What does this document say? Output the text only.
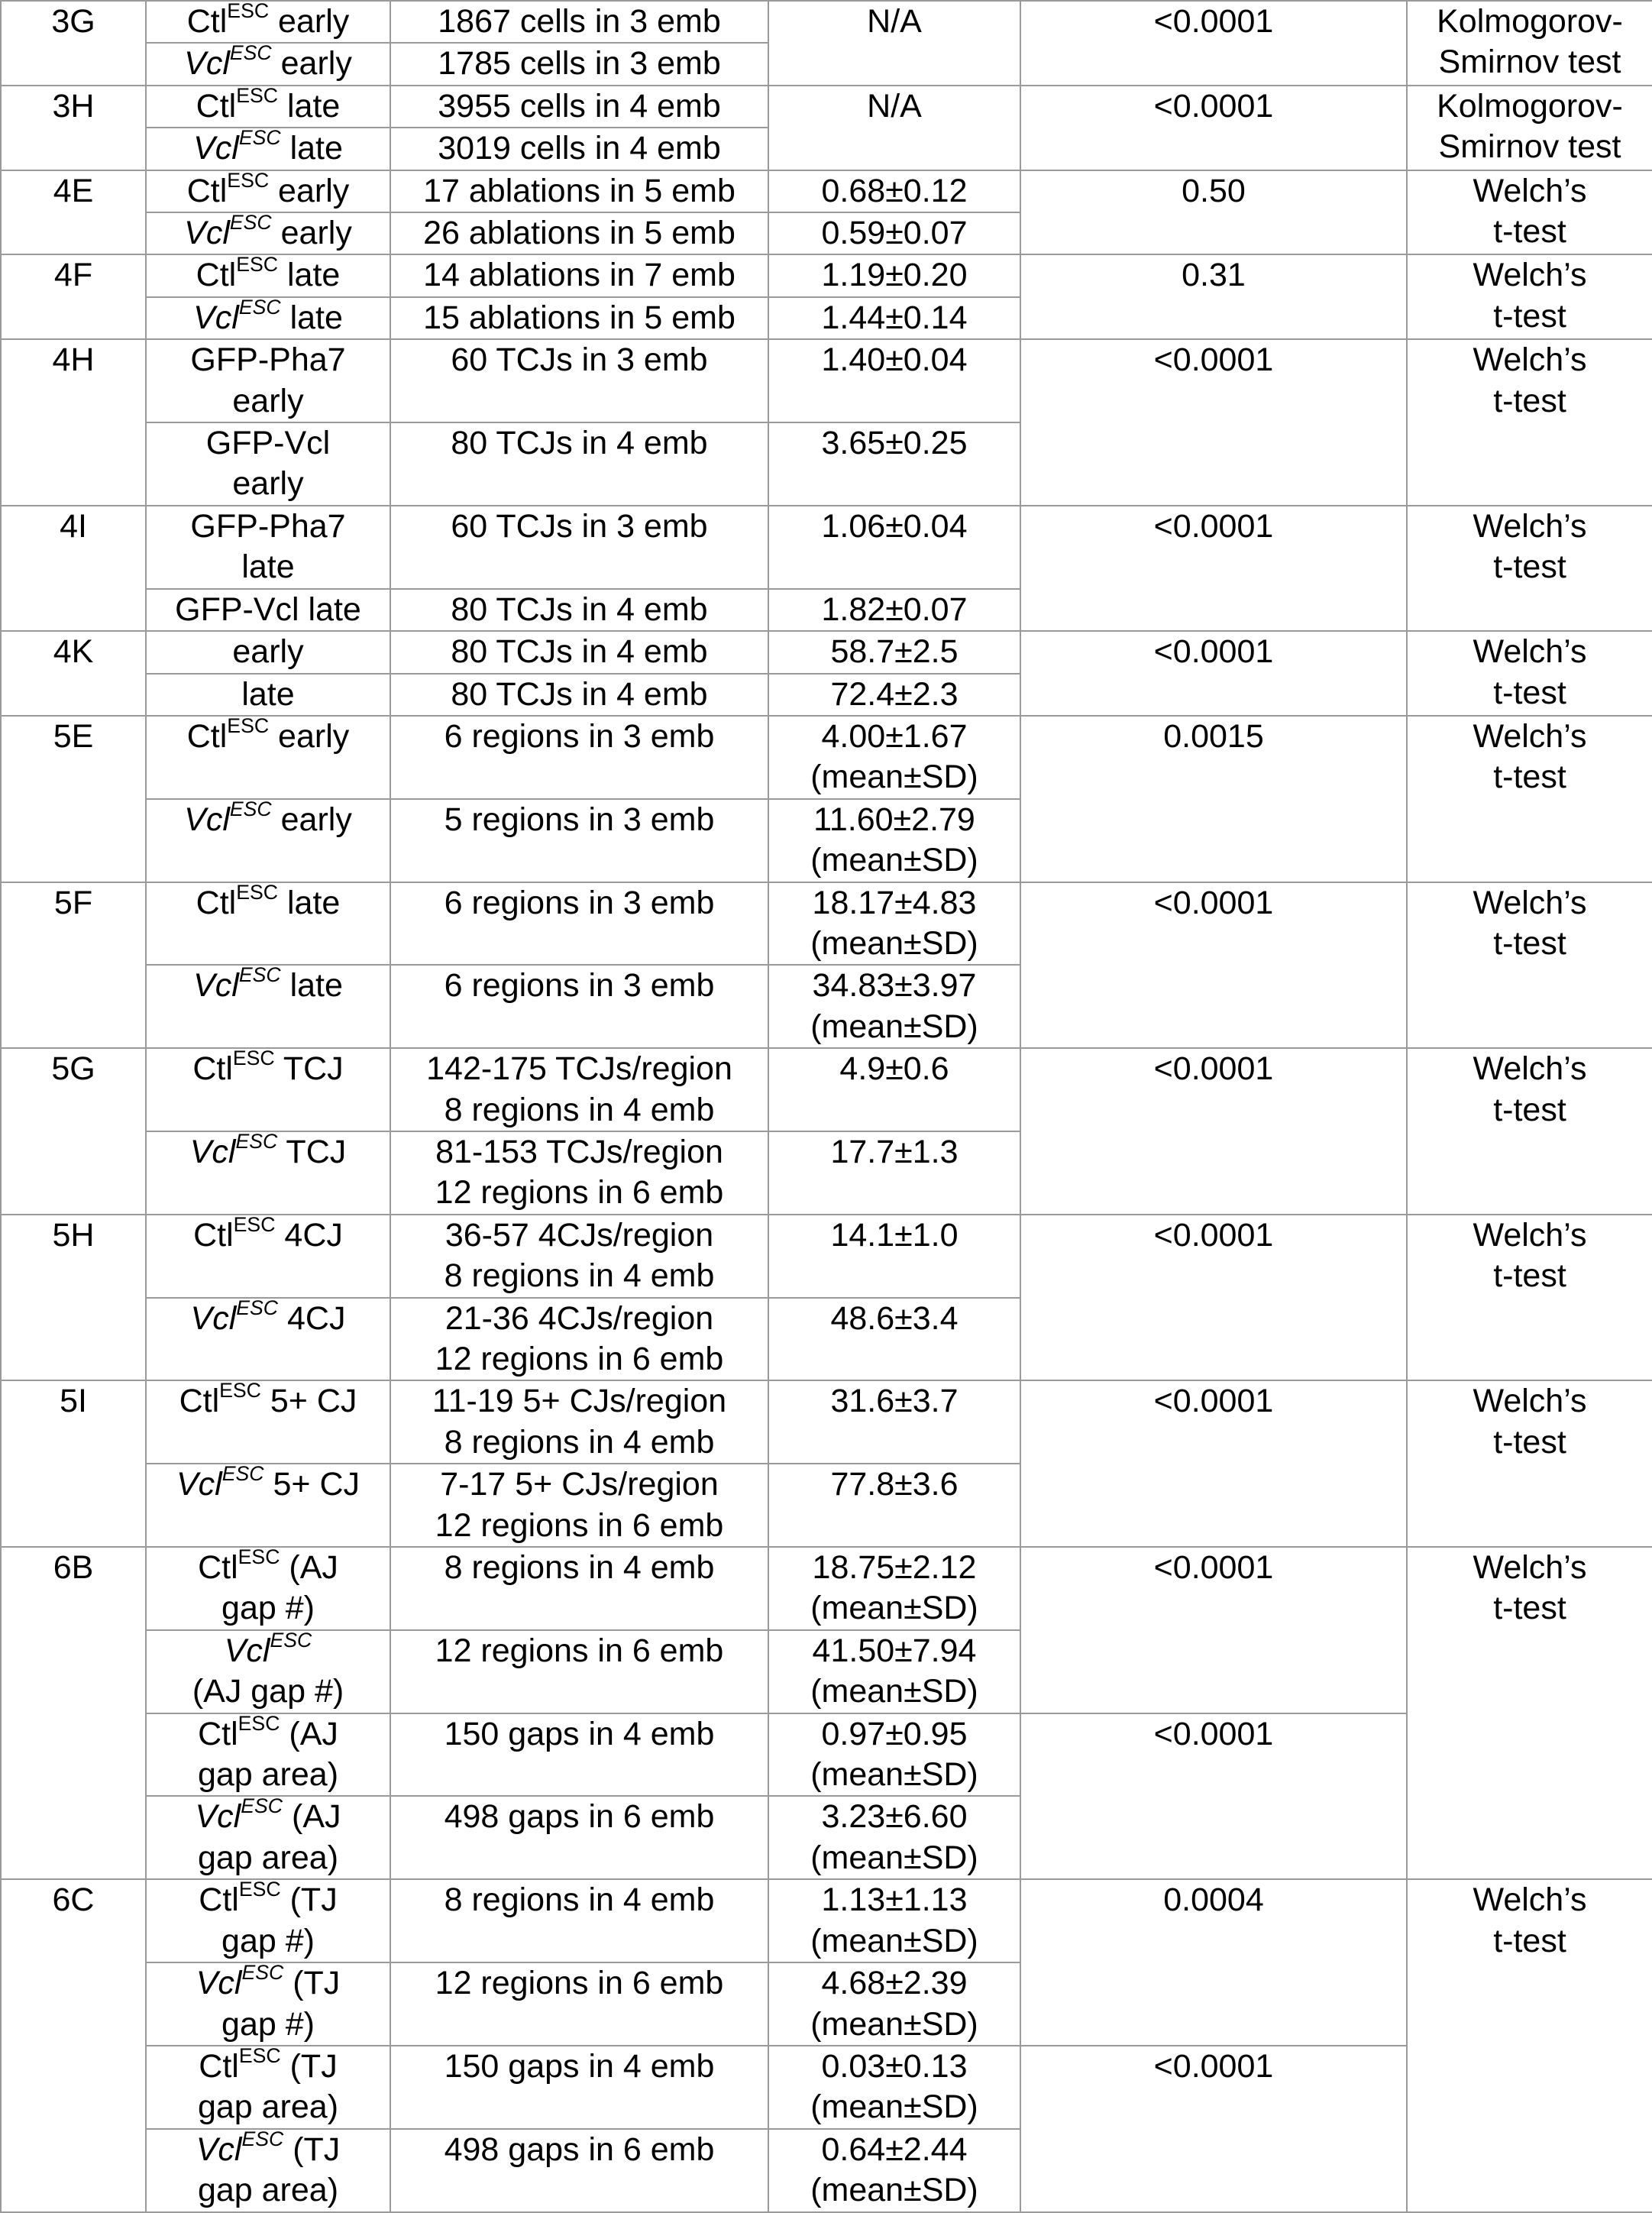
3G	Ctl$^{ESC}$ early	1867 cells in 3 emb	N/A	<0.0001	Kolmogorov-
Smirnov test

	Vcl$^{ESC}$ early	1785 cells in 3 emb			

3H	Ctl$^{ESC}$ late	3955 cells in 4 emb	N/A	<0.0001	Kolmogorov-
Smirnov test

	Vcl$^{ESC}$ late	3019 cells in 4 emb			

4E	Ctl$^{ESC}$ early	17 ablations in 5 emb	0.68±0.12	0.50	Welch’s
t-test

	Vcl$^{ESC}$ early	26 ablations in 5 emb	0.59±0.07		

4F	Ctl$^{ESC}$ late	14 ablations in 7 emb	1.19±0.20	0.31	Welch’s
t-test

	Vcl$^{ESC}$ late	15 ablations in 5 emb	1.44±0.14		

4H	GFP-Pha7
early	60 TCJs in 3 emb	1.40±0.04	<0.0001	Welch’s
t-test

	GFP-Vcl
early	80 TCJs in 4 emb	3.65±0.25		

4I	GFP-Pha7
late	60 TCJs in 3 emb	1.06±0.04	<0.0001	Welch’s
t-test

	GFP-Vcl late	80 TCJs in 4 emb	1.82±0.07		

4K	early	80 TCJs in 4 emb	58.7±2.5	<0.0001	Welch’s
t-test

	late	80 TCJs in 4 emb	72.4±2.3		

5E	Ctl$^{ESC}$ early	6 regions in 3 emb	4.00±1.67
(mean±SD)	0.0015	Welch’s
t-test

	Vcl$^{ESC}$ early	5 regions in 3 emb	11.60±2.79
(mean±SD)		

5F	Ctl$^{ESC}$ late	6 regions in 3 emb	18.17±4.83
(mean±SD)	<0.0001	Welch’s
t-test

	Vcl$^{ESC}$ late	6 regions in 3 emb	34.83±3.97
(mean±SD)		

5G	Ctl$^{ESC}$ TCJ	142-175 TCJs/region
8 regions in 4 emb	4.9±0.6	<0.0001	Welch’s
t-test

	Vcl$^{ESC}$ TCJ	81-153 TCJs/region
12 regions in 6 emb	17.7±1.3		

5H	Ctl$^{ESC}$ 4CJ	36-57 4CJs/region
8 regions in 4 emb	14.1±1.0	<0.0001	Welch’s
t-test

	Vcl$^{ESC}$ 4CJ	21-36 4CJs/region
12 regions in 6 emb	48.6±3.4		

5I	Ctl$^{ESC}$ 5+ CJ	11-19 5+ CJs/region
8 regions in 4 emb	31.6±3.7	<0.0001	Welch’s
t-test

	Vcl$^{ESC}$ 5+ CJ	7-17 5+ CJs/region
12 regions in 6 emb	77.8±3.6		

6B	Ctl$^{ESC}$ (AJ
gap #)	8 regions in 4 emb	18.75±2.12
(mean±SD)	<0.0001	Welch’s
t-test

	Vcl$^{ESC}$
(AJ gap #)	12 regions in 6 emb	41.50±7.94
(mean±SD)		

	Ctl$^{ESC}$ (AJ
gap area)	150 gaps in 4 emb	0.97±0.95
(mean±SD)	<0.0001	

	Vcl$^{ESC}$ (AJ
gap area)	498 gaps in 6 emb	3.23±6.60
(mean±SD)		

6C	Ctl$^{ESC}$ (TJ
gap #)	8 regions in 4 emb	1.13±1.13
(mean±SD)	0.0004	Welch’s
t-test

	Vcl$^{ESC}$ (TJ
gap #)	12 regions in 6 emb	4.68±2.39
(mean±SD)		

	Ctl$^{ESC}$ (TJ
gap area)	150 gaps in 4 emb	0.03±0.13
(mean±SD)	<0.0001	

	Vcl$^{ESC}$ (TJ
gap area)	498 gaps in 6 emb	0.64±2.44
(mean±SD)		
